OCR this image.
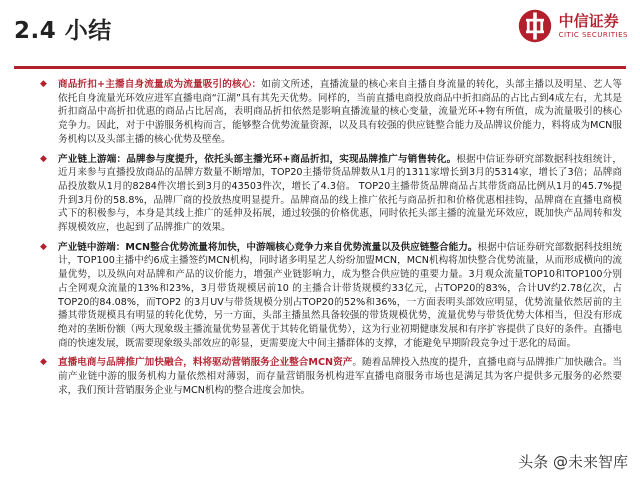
2.4 小结	中信证券
CITIC SECURITIES
◆ 商品折扣+主播自身流量成为流量吸引的核心：如前文所述，直播流量的核心来自主播自身流量的转化，头部主播以及明星、艺人等依托自身流量光环效应进军直播电商“江湖”具有其先天优势。同样的，当前直播电商投放商品中折扣商品的占比占到4成左右，尤其是折扣商品中高折扣优惠的商品占比居高，表明商品折扣依然是影响直播流量的核心变量，流量光环+物有所值，成为流量吸引的核心竞争力。因此，对于中游服务机构而言，能够整合优势流量资源，以及具有较强的供应链整合能力及品牌议价能力，料将成为MCN服务机构以及头部主播的核心优势及壁垒。
◆ 产业链上游端：品牌参与度提升，依托头部主播光环+商品折扣，实现品牌推广与销售转化。根据中信证券研究部数据科技组统计，近月来参与直播投放商品的品牌方数量不断增加，TOP20主播带货品牌数从1月的1311家增长到3月的5314家，增长了3倍；品牌商品投放数从1月的8284件次增长到3月的43503件次，增长了4.3倍。 TOP20主播带货品牌商品占其带货商品比例从1月的45.7%提升到3月份的58.8%，品牌厂商的投放热度明显提升。品牌商品的线上推广依托与商品折扣和价格优惠相挂钩，品牌商在直播电商模式下的积极参与，本身是其线上推广的延伸及拓展，通过较强的价格优惠，同时依托头部主播的流量光环效应，既加快产品周转和发挥规模效应，也起到了品牌推广的效果。
◆ 产业链中游端：MCN整合优势流量将加快，中游端核心竞争力来自优势流量以及供应链整合能力。根据中信证券研究部数据科技组统计，TOP100主播中约6成主播签约MCN机构，同时诸多明星艺人纷纷加盟MCN，MCN机构将加快整合优势流量，从而形成横向的流量优势，以及纵向对品牌和产品的议价能力，增强产业链影响力，成为整合供应链的重要力量。3月观众流量TOP10和TOP100分别占全网观众流量的13%和23%，3月带货规模居前10 的主播合计带货规模约33亿元，占TOP20的83%，合计UV约2.78亿次，占TOP20的84.08%，而TOP2 的3月UV与带货规模分别占TOP20的52%和36%，一方面表明头部效应明显，优势流量依然居前的主播其带货规模具有明显的转化优势，另一方面，头部主播虽然具备较强的带货规模优势，流量优势与带货优势大体相当，但没有形成绝对的垄断份额（两大现象级主播流量优势显著优于其转化销量优势），这为行业初期健康发展和有序扩容提供了良好的条件。直播电商的快速发展，既需要现象级头部效应的彰显，更需要庞大中间主播群体的支撑，才能避免早期阶段竞争过于恶化的局面。
◆ 直播电商与品牌推广加快融合，料将驱动营销服务企业整合MCN资产。随着品牌投入热度的提升，直播电商与品牌推广加快融合。当前产业链中游的服务机构力量依然相对薄弱，而存量营销服务机构进军直播电商服务市场也是满足其为客户提供多元服务的必然要求，我们预计营销服务企业与MCN机构的整合进度会加快。
头条 @未来智库
